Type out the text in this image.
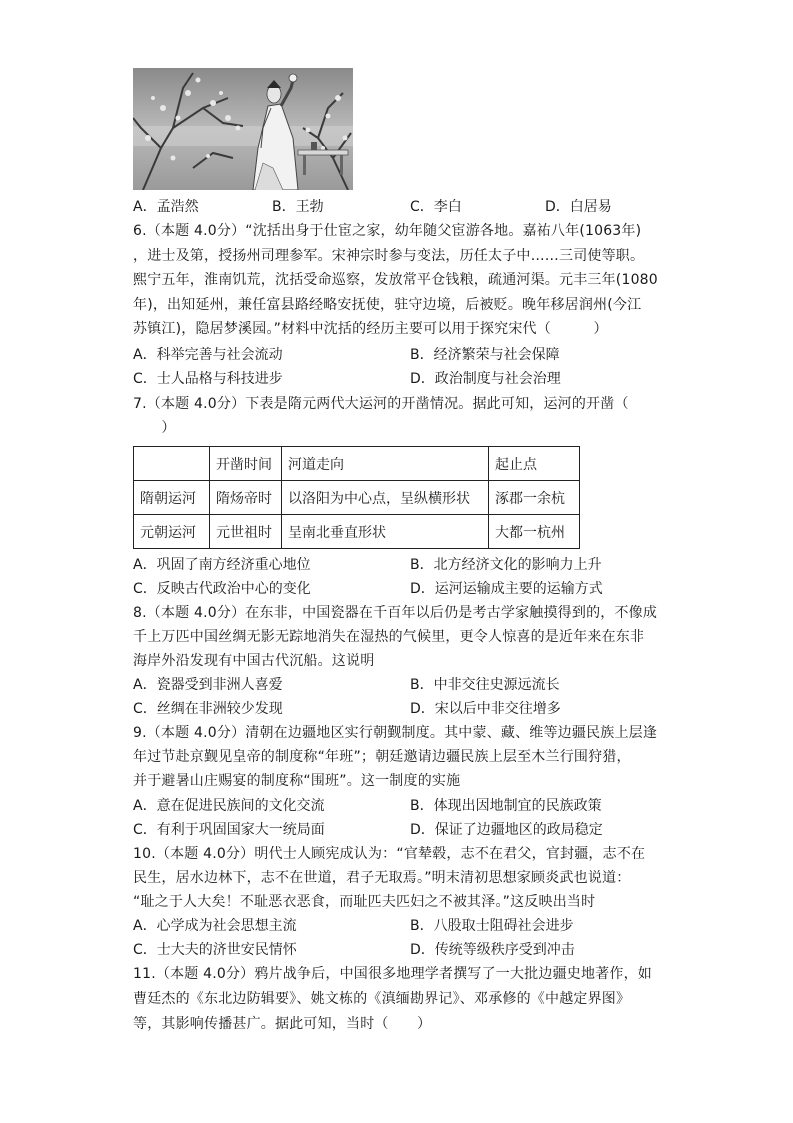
A．孟浩然	B．王勃	C．李白	D．白居易
6.（本题 4.0分）“沈括出身于仕宦之家，幼年随父宦游各地。嘉祐八年(1063年)
，进士及第，授扬州司理参军。宋神宗时参与变法，历任太子中……三司使等职。
熙宁五年，淮南饥荒，沈括受命巡察，发放常平仓钱粮，疏通河渠。元丰三年(1080
年)，出知延州，兼任富县路经略安抚使，驻守边境，后被贬。晚年移居润州(今江
苏镇江)，隐居梦溪园。”材料中沈括的经历主要可以用于探究宋代（　　　）
A．科举完善与社会流动	B．经济繁荣与社会保障
C．士人品格与科技进步	D．政治制度与社会治理
7.（本题 4.0分）下表是隋元两代大运河的开凿情况。据此可知，运河的开凿（
　　）
	开凿时间	河道走向	起止点
隋朝运河	隋炀帝时	以洛阳为中心点，呈纵横形状	涿郡一余杭
元朝运河	元世祖时	呈南北垂直形状	大都一杭州
A．巩固了南方经济重心地位	B．北方经济文化的影响力上升
C．反映古代政治中心的变化	D．运河运输成主要的运输方式
8.（本题 4.0分）在东非，中国瓷器在千百年以后仍是考古学家触摸得到的，不像成
千上万匹中国丝绸无影无踪地消失在湿热的气候里，更令人惊喜的是近年来在东非
海岸外沿发现有中国古代沉船。这说明
A．瓷器受到非洲人喜爱	B．中非交往史源远流长
C．丝绸在非洲较少发现	D．宋以后中非交往增多
9.（本题 4.0分）清朝在边疆地区实行朝觐制度。其中蒙、藏、维等边疆民族上层逢
年过节赴京觐见皇帝的制度称“年班”；朝廷邀请边疆民族上层至木兰行围狩猎，
并于避暑山庄赐宴的制度称“围班”。这一制度的实施
A．意在促进民族间的文化交流	B．体现出因地制宜的民族政策
C．有利于巩固国家大一统局面	D．保证了边疆地区的政局稳定
10.（本题 4.0分）明代士人顾宪成认为：“官辇毂，志不在君父，官封疆，志不在
民生，居水边林下，志不在世道，君子无取焉。”明末清初思想家顾炎武也说道：
“耻之于人大矣！不耻恶衣恶食，而耻匹夫匹妇之不被其泽。”这反映出当时
A．心学成为社会思想主流	B．八股取士阻碍社会进步
C．士大夫的济世安民情怀	D．传统等级秩序受到冲击
11.（本题 4.0分）鸦片战争后，中国很多地理学者撰写了一大批边疆史地著作，如
曹廷杰的《东北边防辑要》、姚文栋的《滇缅勘界记》、邓承修的《中越定界图》
等，其影响传播甚广。据此可知，当时（　　）
